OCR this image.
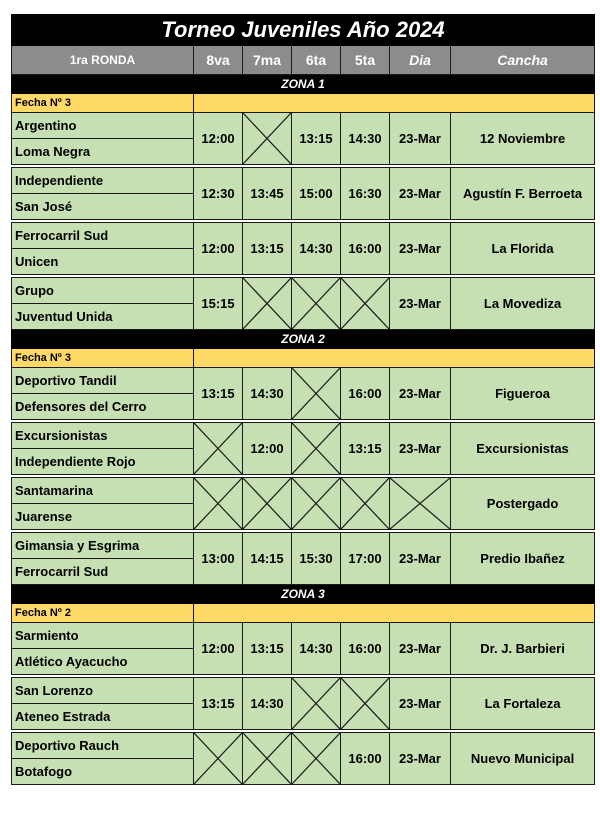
Torneo Juveniles Año 2024						
1ra RONDA	8va	7ma	6ta	5ta	Dia	Cancha
ZONA 1						
Fecha Nº 3						
Argentino	12:00		13:15	14:30	23-Mar	12 Noviembre
Loma Negra						

Independiente	12:30	13:45	15:00	16:30	23-Mar	Agustín F. Berroeta
San José						

Ferrocarril Sud	12:00	13:15	14:30	16:00	23-Mar	La Florida
Unicen						

Grupo	15:15				23-Mar	La Movediza
Juventud Unida						
ZONA 2						
Fecha Nº 3						
Deportivo Tandil	13:15	14:30		16:00	23-Mar	Figueroa
Defensores del Cerro						

Excursionistas		12:00		13:15	23-Mar	Excursionistas
Independiente Rojo						

Santamarina						Postergado
Juarense						

Gimansia y Esgrima	13:00	14:15	15:30	17:00	23-Mar	Predio Ibañez
Ferrocarril Sud						
ZONA 3						
Fecha Nº 2						
Sarmiento	12:00	13:15	14:30	16:00	23-Mar	Dr. J. Barbieri
Atlético Ayacucho						

San Lorenzo	13:15	14:30			23-Mar	La Fortaleza
Ateneo Estrada						

Deportivo Rauch				16:00	23-Mar	Nuevo Municipal
Botafogo						
